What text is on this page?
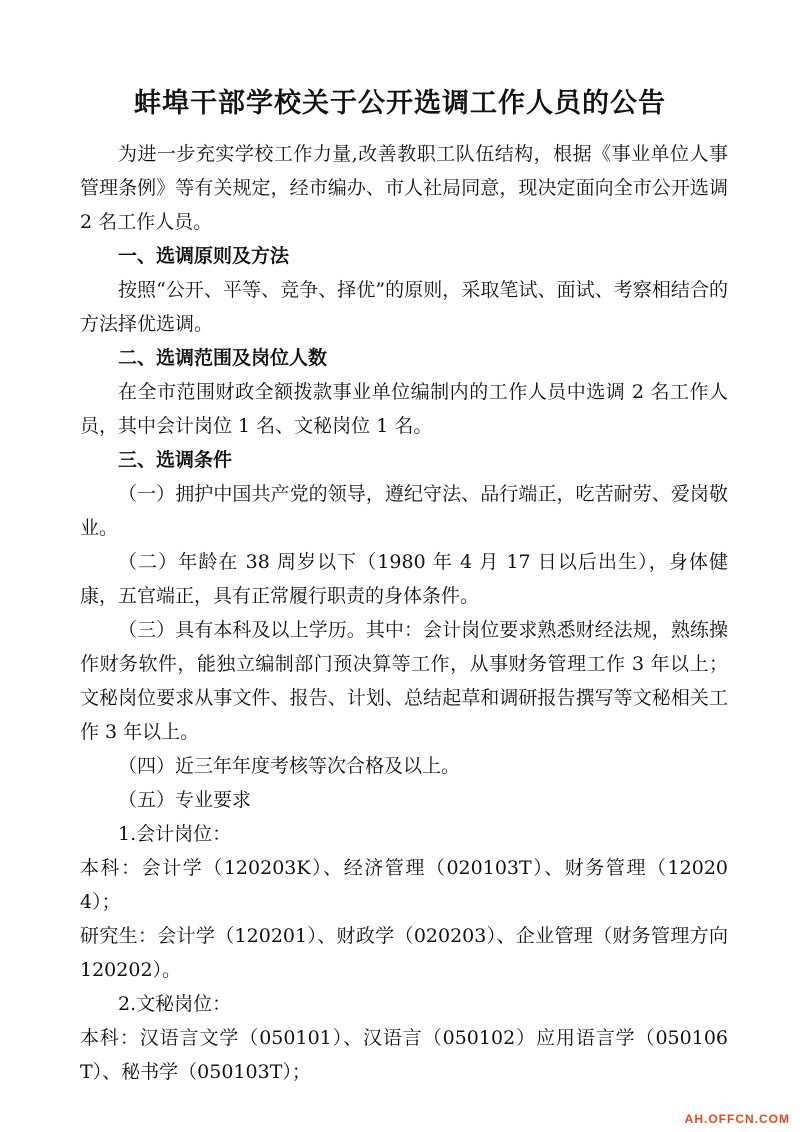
蚌埠干部学校关于公开选调工作人员的公告

为进一步充实学校工作力量,改善教职工队伍结构，根据《事业单位人事管理条例》等有关规定，经市编办、市人社局同意，现决定面向全市公开选调 2 名工作人员。

一、选调原则及方法

按照“公开、平等、竞争、择优”的原则，采取笔试、面试、考察相结合的方法择优选调。

二、选调范围及岗位人数

在全市范围财政全额拨款事业单位编制内的工作人员中选调 2 名工作人员，其中会计岗位 1 名、文秘岗位 1 名。

三、选调条件

（一）拥护中国共产党的领导，遵纪守法、品行端正，吃苦耐劳、爱岗敬业。

（二）年龄在 38 周岁以下（1980 年 4 月 17 日以后出生），身体健康，五官端正，具有正常履行职责的身体条件。

（三）具有本科及以上学历。其中：会计岗位要求熟悉财经法规，熟练操作财务软件，能独立编制部门预决算等工作，从事财务管理工作 3 年以上；文秘岗位要求从事文件、报告、计划、总结起草和调研报告撰写等文秘相关工作 3 年以上。

（四）近三年年度考核等次合格及以上。

（五）专业要求

1.会计岗位：

本科：会计学（120203K）、经济管理（020103T）、财务管理（120204）；

研究生：会计学（120201）、财政学（020203）、企业管理（财务管理方向 120202）。

2.文秘岗位：

本科：汉语言文学（050101）、汉语言（050102）应用语言学（050106T）、秘书学（050103T）；

AH.OFFCN.COM
